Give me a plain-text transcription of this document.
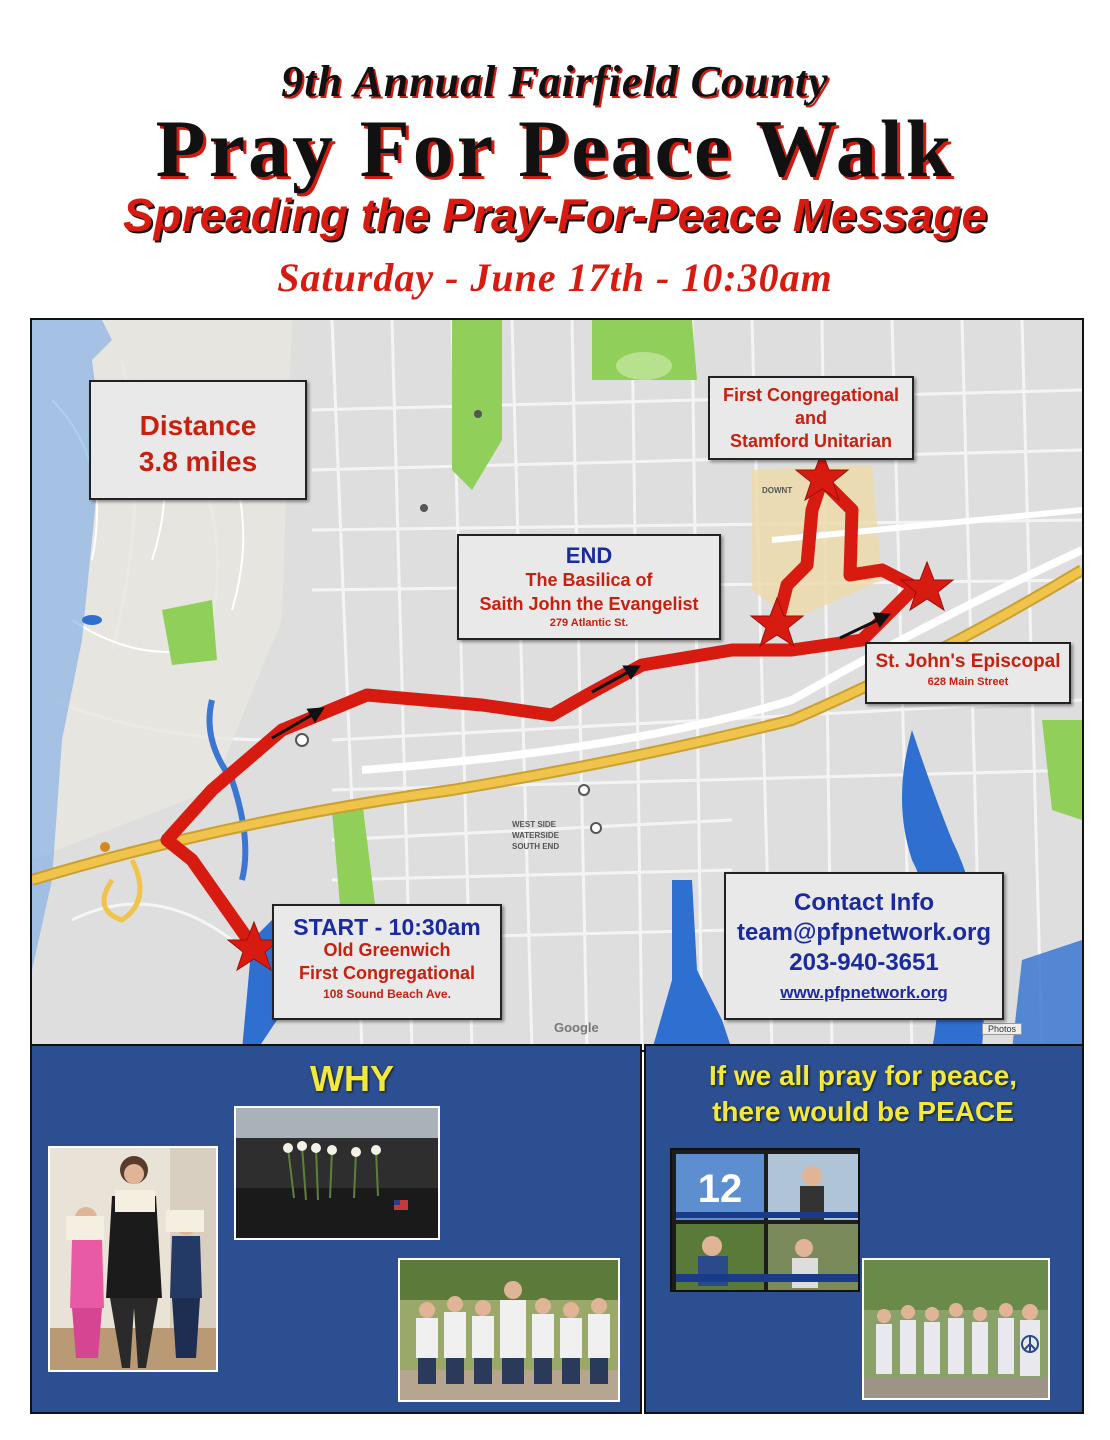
9th Annual Fairfield County
Pray For Peace Walk
Spreading the Pray-For-Peace Message
Saturday - June 17th - 10:30am
WEST SIDE
WATERSIDE
SOUTH END
DOWNT
Google	Photos
Distance
3.8 miles
First Congregational
and
Stamford Unitarian
END
The Basilica of
Saith John the Evangelist
279 Atlantic St.
St. John's Episcopal
628 Main Street
START - 10:30am
Old Greenwich
First Congregational
108 Sound Beach Ave.
Contact Info
team@pfpnetwork.org
203-940-3651
www.pfpnetwork.org
WHY	If we all pray for peace,
there would be PEACE
12
